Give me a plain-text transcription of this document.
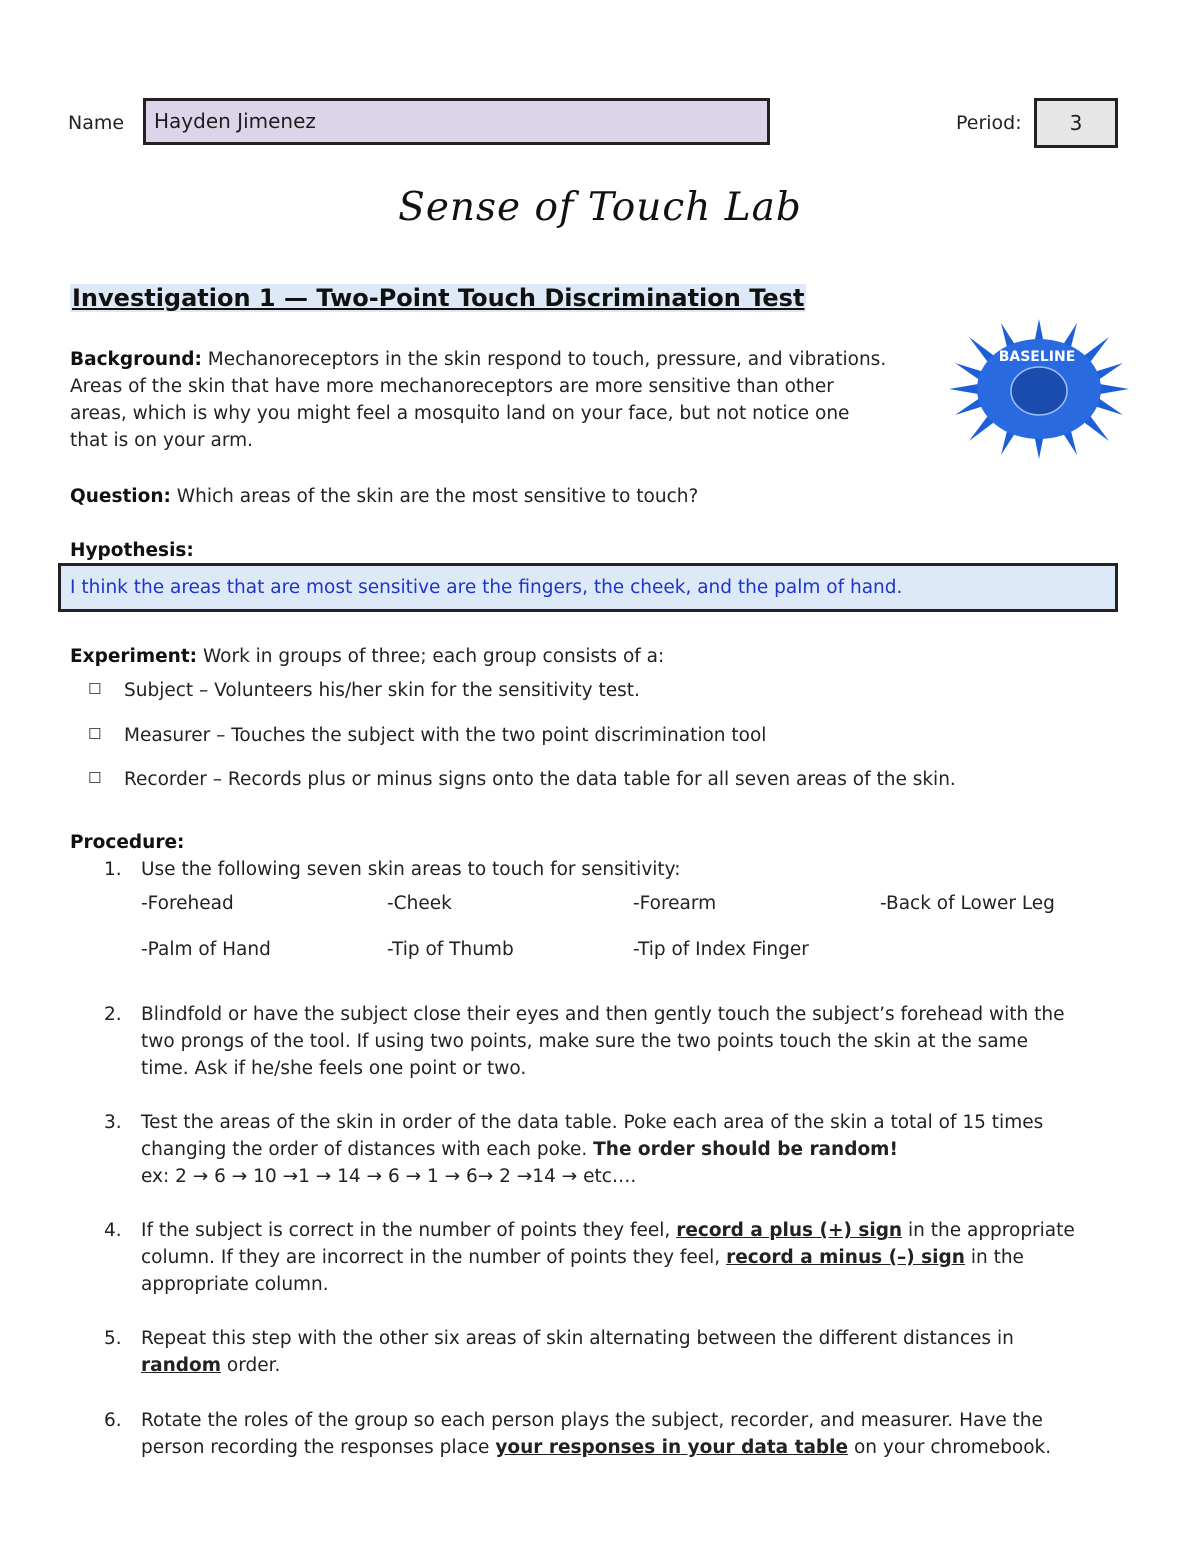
Name	Hayden Jimenez	Period:	3
Sense of Touch Lab
Investigation 1 — Two-Point Touch Discrimination Test
Background: Mechanoreceptors in the skin respond to touch, pressure, and vibrations.
Areas of the skin that have more mechanoreceptors are more sensitive than other
areas, which is why you might feel a mosquito land on your face, but not notice one
that is on your arm.
BASELINE
Question: Which areas of the skin are the most sensitive to touch?
Hypothesis:
I think the areas that are most sensitive are the fingers, the cheek, and the palm of hand.
Experiment: Work in groups of three; each group consists of a:
☐	Subject – Volunteers his/her skin for the sensitivity test.
☐	Measurer – Touches the subject with the two point discrimination tool
☐	Recorder – Records plus or minus signs onto the data table for all seven areas of the skin.
Procedure:
1.	Use the following seven skin areas to touch for sensitivity:
-Forehead	-Cheek	-Forearm	-Back of Lower Leg
-Palm of Hand	-Tip of Thumb	-Tip of Index Finger
2.	Blindfold or have the subject close their eyes and then gently touch the subject’s forehead with the
two prongs of the tool. If using two points, make sure the two points touch the skin at the same
time. Ask if he/she feels one point or two.
3.	Test the areas of the skin in order of the data table. Poke each area of the skin a total of 15 times
changing the order of distances with each poke. The order should be random!
ex: 2 → 6 → 10 →1 → 14 → 6 → 1 → 6→ 2 →14 → etc….
4.	If the subject is correct in the number of points they feel, record a plus (+) sign in the appropriate
column. If they are incorrect in the number of points they feel, record a minus (–) sign in the
appropriate column.
5.	Repeat this step with the other six areas of skin alternating between the different distances in
random order.
6.	Rotate the roles of the group so each person plays the subject, recorder, and measurer. Have the
person recording the responses place your responses in your data table on your chromebook.
